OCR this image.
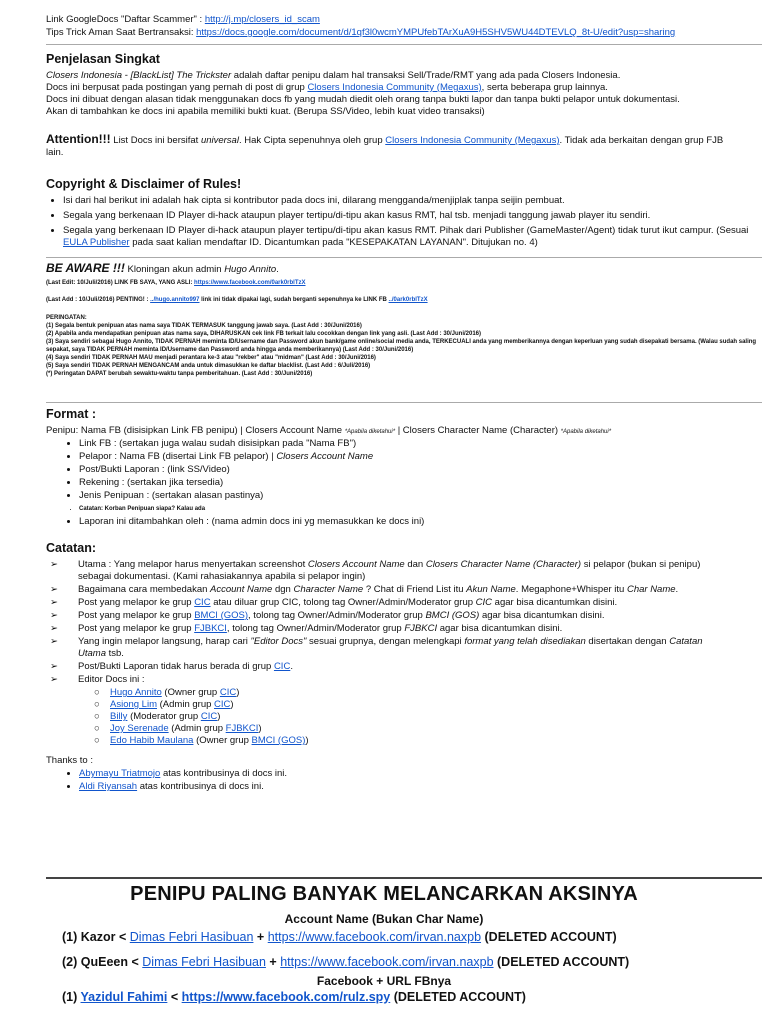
Link GoogleDocs "Daftar Scammer" : http://j.mp/closers_id_scam
Tips Trick Aman Saat Bertransaksi: https://docs.google.com/document/d/1qf3l0wcmYMPUfebTArXuA9H5SHV5WU44DTEVLQ_8t-U/edit?usp=sharing
Penjelasan Singkat
Closers Indonesia - [BlackList] The Trickster adalah daftar penipu dalam hal transaksi Sell/Trade/RMT yang ada pada Closers Indonesia.
Docs ini berpusat pada postingan yang pernah di post di grup Closers Indonesia Community (Megaxus), serta beberapa grup lainnya.
Docs ini dibuat dengan alasan tidak menggunakan docs fb yang mudah diedit oleh orang tanpa bukti lapor dan tanpa bukti pelapor untuk dokumentasi.
Akan di tambahkan ke docs ini apabila memiliki bukti kuat. (Berupa SS/Video, lebih kuat video transaksi)
Attention!!! List Docs ini bersifat universal. Hak Cipta sepenuhnya oleh grup Closers Indonesia Community (Megaxus). Tidak ada berkaitan dengan grup FJB
lain.
Copyright & Disclaimer of Rules!
• Isi dari hal berikut ini adalah hak cipta si kontributor pada docs ini, dilarang mengganda/menjiplak tanpa seijin pembuat.
• Segala yang berkenaan ID Player di-hack ataupun player tertipu/di-tipu akan kasus RMT, hal tsb. menjadi tanggung jawab player itu sendiri.
• Segala yang berkenaan ID Player di-hack ataupun player tertipu/di-tipu akan kasus RMT. Pihak dari Publisher (GameMaster/Agent) tidak turut ikut campur. (Sesuai EULA Publisher pada saat kalian mendaftar ID. Dicantumkan pada "KESEPAKATAN LAYANAN". Ditujukan no. 4)
BE AWARE !!! Kloningan akun admin Hugo Annito.
(Last Edit: 10/Juli/2016) LINK FB SAYA, YANG ASLI: https://www.facebook.com/0ark0rblTzX
(Last Add : 10/Juli/2016) PENTING! : ../hugo.annito997 link ini tidak dipakai lagi, sudah berganti sepenuhnya ke LINK FB ../0ark0rblTzX
PERINGATAN:
(1) Segala bentuk penipuan atas nama saya TIDAK TERMASUK tanggung jawab saya. (Last Add : 30/Juni/2016)
(2) Apabila anda mendapatkan penipuan atas nama saya, DIHARUSKAN cek link FB terkait lalu cocokkan dengan link yang asli. (Last Add : 30/Juni/2016)
(3) Saya sendiri sebagai Hugo Annito, TIDAK PERNAH meminta ID/Username dan Password akun bank/game online/social media anda, TERKECUALI anda yang memberikannya dengan keperluan yang sudah disepakati bersama. (Walau sudah saling sepakat, saya TIDAK PERNAH meminta ID/Username dan Password anda hingga anda memberikannya) (Last Add : 30/Juni/2016)
(4) Saya sendiri TIDAK PERNAH MAU menjadi perantara ke-3 atau "rekber" atau "midman" (Last Add : 30/Juni/2016)
(5) Saya sendiri TIDAK PERNAH MENGANCAM anda untuk dimasukkan ke daftar blacklist. (Last Add : 6/Juli/2016)
(*) Peringatan DAPAT berubah sewaktu-waktu tanpa pemberitahuan. (Last Add : 30/Juni/2016)
Format :
Penipu: Nama FB (disisipkan Link FB penipu) | Closers Account Name *Apabila diketahui* | Closers Character Name (Character) *Apabila diketahui*
• Link FB : (sertakan juga walau sudah disisipkan pada "Nama FB")
• Pelapor : Nama FB (disertai Link FB pelapor) | Closers Account Name
• Post/Bukti Laporan : (link SS/Video)
• Rekening : (sertakan jika tersedia)
• Jenis Penipuan : (sertakan alasan pastinya)
• Catatan: Korban Penipuan siapa? Kalau ada
• Laporan ini ditambahkan oleh : (nama admin docs ini yg memasukkan ke docs ini)
Catatan:
➢ Utama : Yang melapor harus menyertakan screenshot Closers Account Name dan Closers Character Name (Character) si pelapor (bukan si penipu)
sebagai dokumentasi. (Kami rahasiakannya apabila si pelapor ingin)
➢ Bagaimana cara membedakan Account Name dgn Character Name ? Chat di Friend List itu Akun Name. Megaphone+Whisper itu Char Name.
➢ Post yang melapor ke grup CIC atau diluar grup CIC, tolong tag Owner/Admin/Moderator grup CIC agar bisa dicantumkan disini.
➢ Post yang melapor ke grup BMCI (GOS), tolong tag Owner/Admin/Moderator grup BMCI (GOS) agar bisa dicantumkan disini.
➢ Post yang melapor ke grup FJBKCI, tolong tag Owner/Admin/Moderator grup FJBKCI agar bisa dicantumkan disini.
➢ Yang ingin melapor langsung, harap cari "Editor Docs" sesuai grupnya, dengan melengkapi format yang telah disediakan disertakan dengan Catatan
Utama tsb.
➢ Post/Bukti Laporan tidak harus berada di grup CIC.
➢ Editor Docs ini :
○ Hugo Annito (Owner grup CIC)
○ Asiong Lim (Admin grup CIC)
○ Billy (Moderator grup CIC)
○ Joy Serenade (Admin grup FJBKCI)
○ Edo Habib Maulana (Owner grup BMCI (GOS))
Thanks to :
• Abymayu Triatmojo atas kontribusinya di docs ini.
• Aldi Riyansah atas kontribusinya di docs ini.
PENIPU PALING BANYAK MELANCARKAN AKSINYA
Account Name (Bukan Char Name)
(1) Kazor < Dimas Febri Hasibuan + https://www.facebook.com/irvan.naxpb (DELETED ACCOUNT)
(2) QuEeen < Dimas Febri Hasibuan + https://www.facebook.com/irvan.naxpb (DELETED ACCOUNT)
Facebook + URL FBnya
(1) Yazidul Fahimi < https://www.facebook.com/rulz.spy (DELETED ACCOUNT)
